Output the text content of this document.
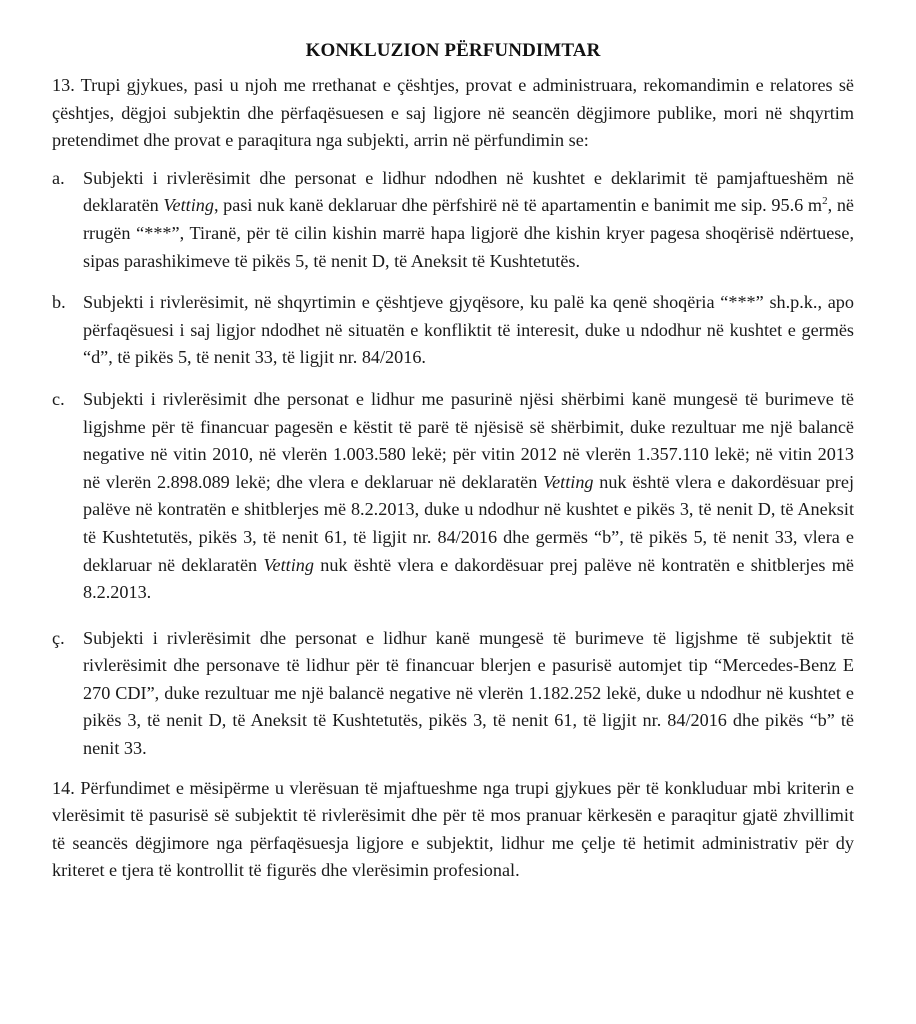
KONKLUZION PËRFUNDIMTAR

13. Trupi gjykues, pasi u njoh me rrethanat e çështjes, provat e administruara, rekomandimin e relatores së çështjes, dëgjoi subjektin dhe përfaqësuesen e saj ligjore në seancën dëgjimore publike, mori në shqyrtim pretendimet dhe provat e paraqitura nga subjekti, arrin në përfundimin se:

a.	Subjekti i rivlerësimit dhe personat e lidhur ndodhen në kushtet e deklarimit të pamjaftueshëm në deklaratën Vetting, pasi nuk kanë deklaruar dhe përfshirë në të apartamentin e banimit me sip. 95.6 $m^2$, në rrugën “***”, Tiranë, për të cilin kishin marrë hapa ligjorë dhe kishin kryer pagesa shoqërisë ndërtuese, sipas parashikimeve të pikës 5, të nenit D, të Aneksit të Kushtetutës.
b. Subjekti i rivlerësimit, në shqyrtimin e çështjeve gjyqësore, ku palë ka qenë shoqëria “***” sh.p.k., apo përfaqësuesi i saj ligjor ndodhet në situatën e konfliktit të interesit, duke u ndodhur në kushtet e germës “d”, të pikës 5, të nenit 33, të ligjit nr. 84/2016.
c.	Subjekti i rivlerësimit dhe personat e lidhur me pasurinë njësi shërbimi kanë mungesë të burimeve të ligjshme për të financuar pagesën e këstit të parë të njësisë së shërbimit, duke rezultuar me një balancë negative në vitin 2010, në vlerën 1.003.580 lekë; për vitin 2012 në vlerën 1.357.110 lekë; në vitin 2013 në vlerën 2.898.089 lekë; dhe vlera e deklaruar në deklaratën Vetting nuk është vlera e dakordësuar prej palëve në kontratën e shitblerjes më 8.2.2013, duke u ndodhur në kushtet e pikës 3, të nenit D, të Aneksit të Kushtetutës, pikës 3, të nenit 61, të ligjit nr. 84/2016 dhe germës “b”, të pikës 5, të nenit 33, vlera e deklaruar në deklaratën Vetting nuk është vlera e dakordësuar prej palëve në kontratën e shitblerjes më 8.2.2013.
ç.	Subjekti i rivlerësimit dhe personat e lidhur kanë mungesë të burimeve të ligjshme të subjektit të rivlerësimit dhe personave të lidhur për të financuar blerjen e pasurisë automjet tip “Mercedes-Benz E 270 CDI”, duke rezultuar me një balancë negative në vlerën 1.182.252 lekë, duke u ndodhur në kushtet e pikës 3, të nenit D, të Aneksit të Kushtetutës, pikës 3, të nenit 61, të ligjit nr. 84/2016 dhe pikës “b” të nenit 33.

14. Përfundimet e mësipërme u vlerësuan të mjaftueshme nga trupi gjykues për të konkluduar mbi kriterin e vlerësimit të pasurisë së subjektit të rivlerësimit dhe për të mos pranuar kërkesën e paraqitur gjatë zhvillimit të seancës dëgjimore nga përfaqësuesja ligjore e subjektit, lidhur me çelje të hetimit administrativ për dy kriteret e tjera të kontrollit të figurës dhe vlerësimin profesional.
